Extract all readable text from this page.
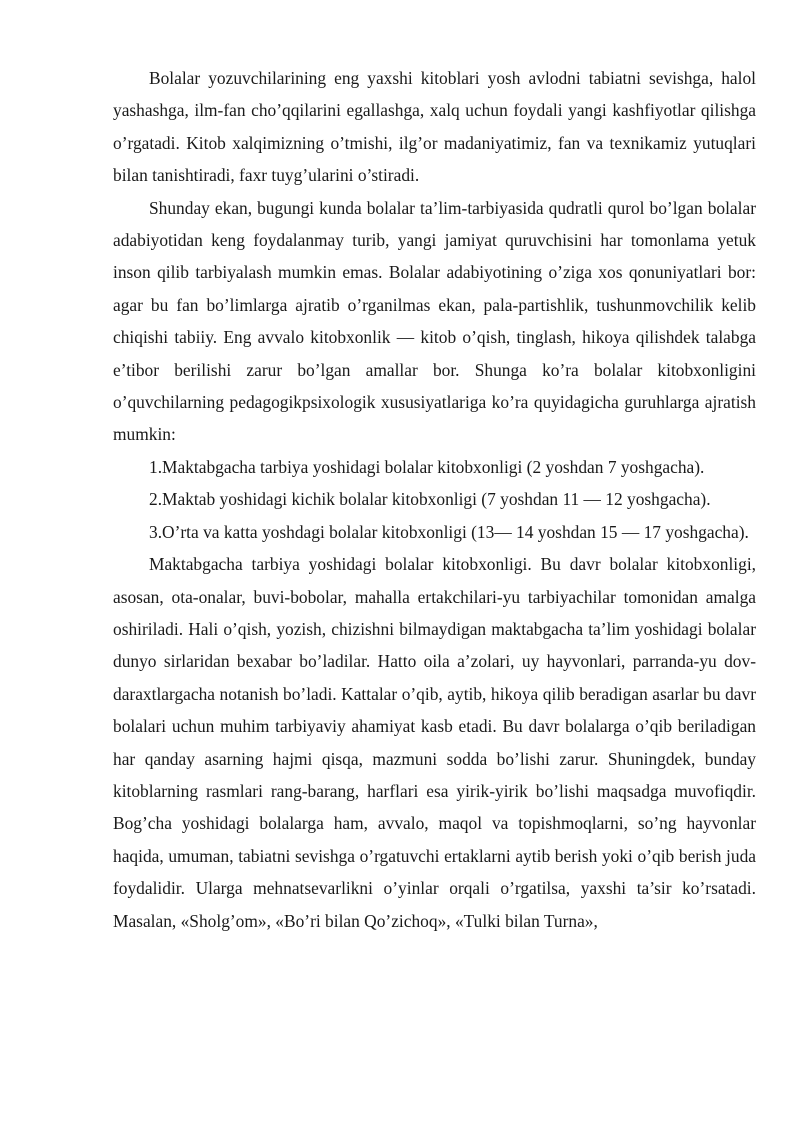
Bolalar yozuvchilarining eng yaxshi kitoblari yosh avlodni tabiatni sevishga, halol yashashga, ilm-fan cho’qqilarini egallashga, xalq uchun foydali yangi kashfiyotlar qilishga o’rgatadi. Kitob xalqimizning o’tmishi, ilg’or madaniyatimiz, fan va texnikamiz yutuqlari bilan tanishtiradi, faxr tuyg’ularini o’stiradi.

Shunday ekan, bugungi kunda bolalar ta’lim-tarbiyasida qudratli qurol bo’lgan bolalar adabiyotidan keng foydalanmay turib, yangi jamiyat quruvchisini har tomonlama yetuk inson qilib tarbiyalash mumkin emas. Bolalar adabiyotining o’ziga xos qonuniyatlari bor: agar bu fan bo’limlarga ajratib o’rganilmas ekan, pala-partishlik, tushunmovchilik kelib chiqishi tabiiy. Eng avvalo kitobxonlik — kitob o’qish, tinglash, hikoya qilishdek talabga e’tibor berilishi zarur bo’lgan amallar bor. Shunga ko’ra bolalar kitobxonligini o’quvchilarning pedagogikpsixologik xususiyatlariga ko’ra quyidagicha guruhlarga ajratish mumkin:

1.Maktabgacha tarbiya yoshidagi bolalar kitobxonligi (2 yoshdan 7 yoshgacha).

2.Maktab yoshidagi kichik bolalar kitobxonligi (7 yoshdan 11 — 12 yoshgacha).

3.O’rta va katta yoshdagi bolalar kitobxonligi (13— 14 yoshdan 15 — 17 yoshgacha).

Maktabgacha tarbiya yoshidagi bolalar kitobxonligi. Bu davr bolalar kitobxonligi, asosan, ota-onalar, buvi-bobolar, mahalla ertakchilari-yu tarbiyachilar tomonidan amalga oshiriladi. Hali o’qish, yozish, chizishni bilmaydigan maktabgacha ta’lim yoshidagi bolalar dunyo sirlaridan bexabar bo’ladilar. Hatto oila a’zolari, uy hayvonlari, parranda-yu dov-daraxtlargacha notanish bo’ladi. Kattalar o’qib, aytib, hikoya qilib beradigan asarlar bu davr bolalari uchun muhim tarbiyaviy ahamiyat kasb etadi. Bu davr bolalarga o’qib beriladigan har qanday asarning hajmi qisqa, mazmuni sodda bo’lishi zarur. Shuningdek, bunday kitoblarning rasmlari rang-barang, harflari esa yirik-yirik bo’lishi maqsadga muvofiqdir. Bog’cha yoshidagi bolalarga ham, avvalo, maqol va topishmoqlarni, so’ng hayvonlar haqida, umuman, tabiatni sevishga o’rgatuvchi ertaklarni aytib berish yoki o’qib berish juda foydalidir. Ularga mehnatsevarlikni o’yinlar orqali o’rgatilsa, yaxshi ta’sir ko’rsatadi. Masalan, «Sholg’om», «Bo’ri bilan Qo’zichoq», «Tulki bilan Turna»,
